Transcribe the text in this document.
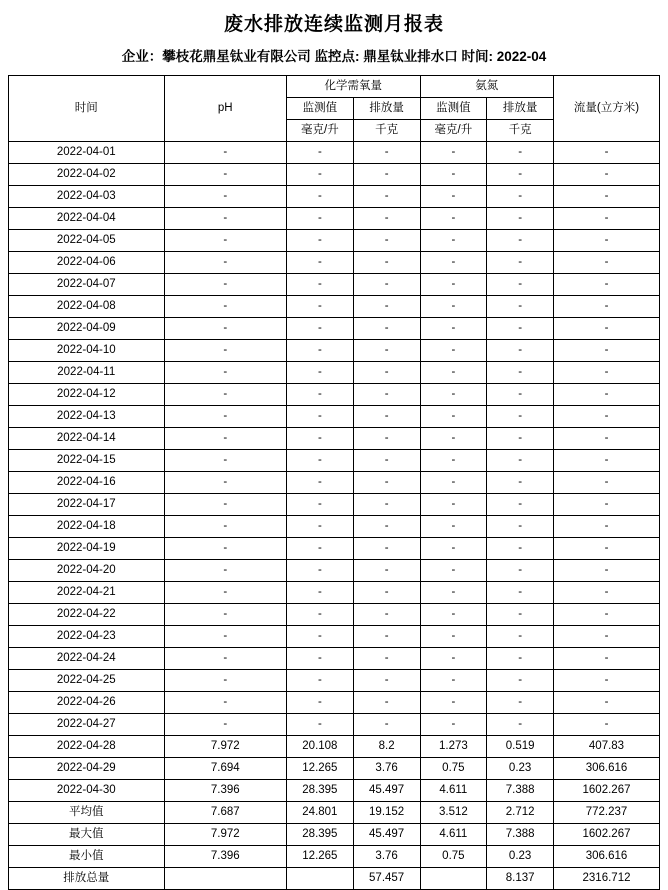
废水排放连续监测月报表
企业：攀枝花鼎星钛业有限公司 监控点: 鼎星钛业排水口 时间: 2022-04
时间	pH	化学需氧量		氨氮		流量(立方米)
		监测值	排放量	监测值	排放量	
		毫克/升	千克	毫克/升	千克	
2022-04-01	-	-	-	-	-	-
2022-04-02	-	-	-	-	-	-
2022-04-03	-	-	-	-	-	-
2022-04-04	-	-	-	-	-	-
2022-04-05	-	-	-	-	-	-
2022-04-06	-	-	-	-	-	-
2022-04-07	-	-	-	-	-	-
2022-04-08	-	-	-	-	-	-
2022-04-09	-	-	-	-	-	-
2022-04-10	-	-	-	-	-	-
2022-04-11	-	-	-	-	-	-
2022-04-12	-	-	-	-	-	-
2022-04-13	-	-	-	-	-	-
2022-04-14	-	-	-	-	-	-
2022-04-15	-	-	-	-	-	-
2022-04-16	-	-	-	-	-	-
2022-04-17	-	-	-	-	-	-
2022-04-18	-	-	-	-	-	-
2022-04-19	-	-	-	-	-	-
2022-04-20	-	-	-	-	-	-
2022-04-21	-	-	-	-	-	-
2022-04-22	-	-	-	-	-	-
2022-04-23	-	-	-	-	-	-
2022-04-24	-	-	-	-	-	-
2022-04-25	-	-	-	-	-	-
2022-04-26	-	-	-	-	-	-
2022-04-27	-	-	-	-	-	-
2022-04-28	7.972	20.108	8.2	1.273	0.519	407.83
2022-04-29	7.694	12.265	3.76	0.75	0.23	306.616
2022-04-30	7.396	28.395	45.497	4.611	7.388	1602.267
平均值	7.687	24.801	19.152	3.512	2.712	772.237
最大值	7.972	28.395	45.497	4.611	7.388	1602.267
最小值	7.396	12.265	3.76	0.75	0.23	306.616
排放总量			57.457		8.137	2316.712
